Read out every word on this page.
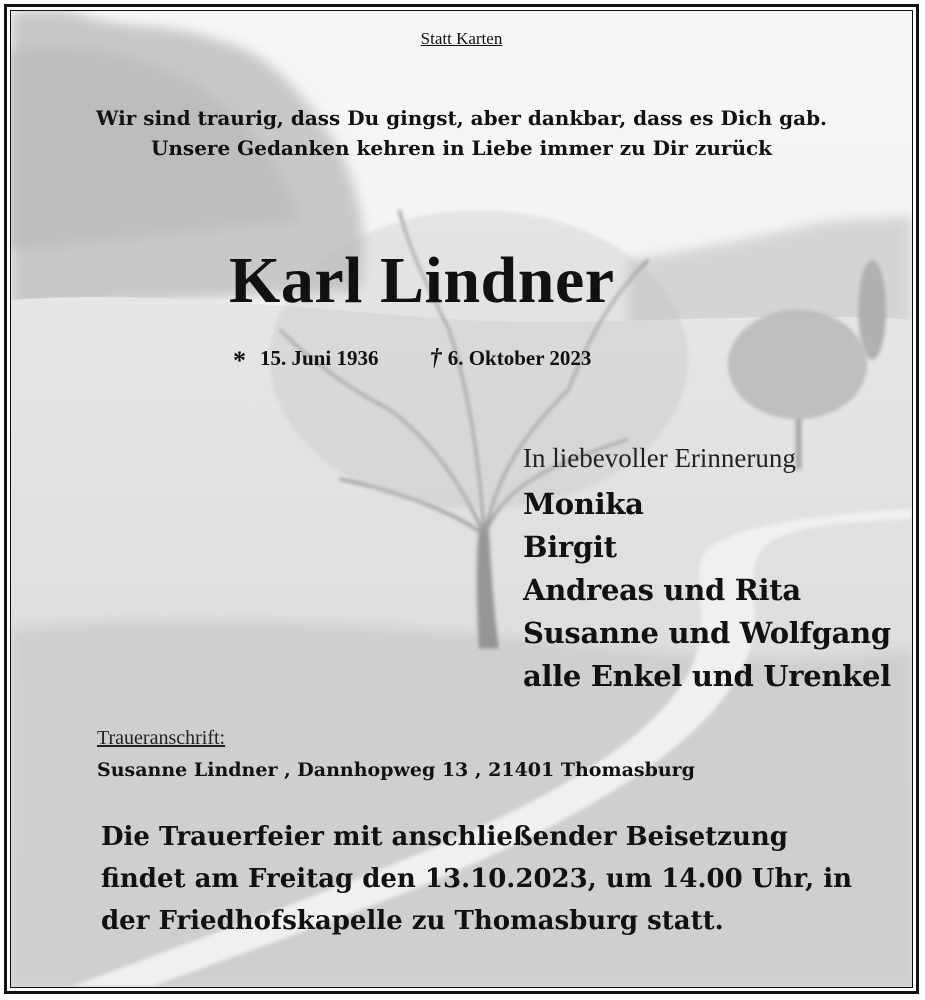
Statt Karten
Wir sind traurig, dass Du gingst, aber dankbar, dass es Dich gab.
Unsere Gedanken kehren in Liebe immer zu Dir zurück
Karl Lindner
* 15. Juni 1936 † 6. Oktober 2023
In liebevoller Erinnerung
Monika
Birgit
Andreas und Rita
Susanne und Wolfgang
alle Enkel und Urenkel
Traueranschrift:
Susanne Lindner , Dannhopweg 13 , 21401 Thomasburg
Die Trauerfeier mit anschließender Beisetzung
findet am Freitag den 13.10.2023, um 14.00 Uhr, in
der Friedhofskapelle zu Thomasburg statt.
